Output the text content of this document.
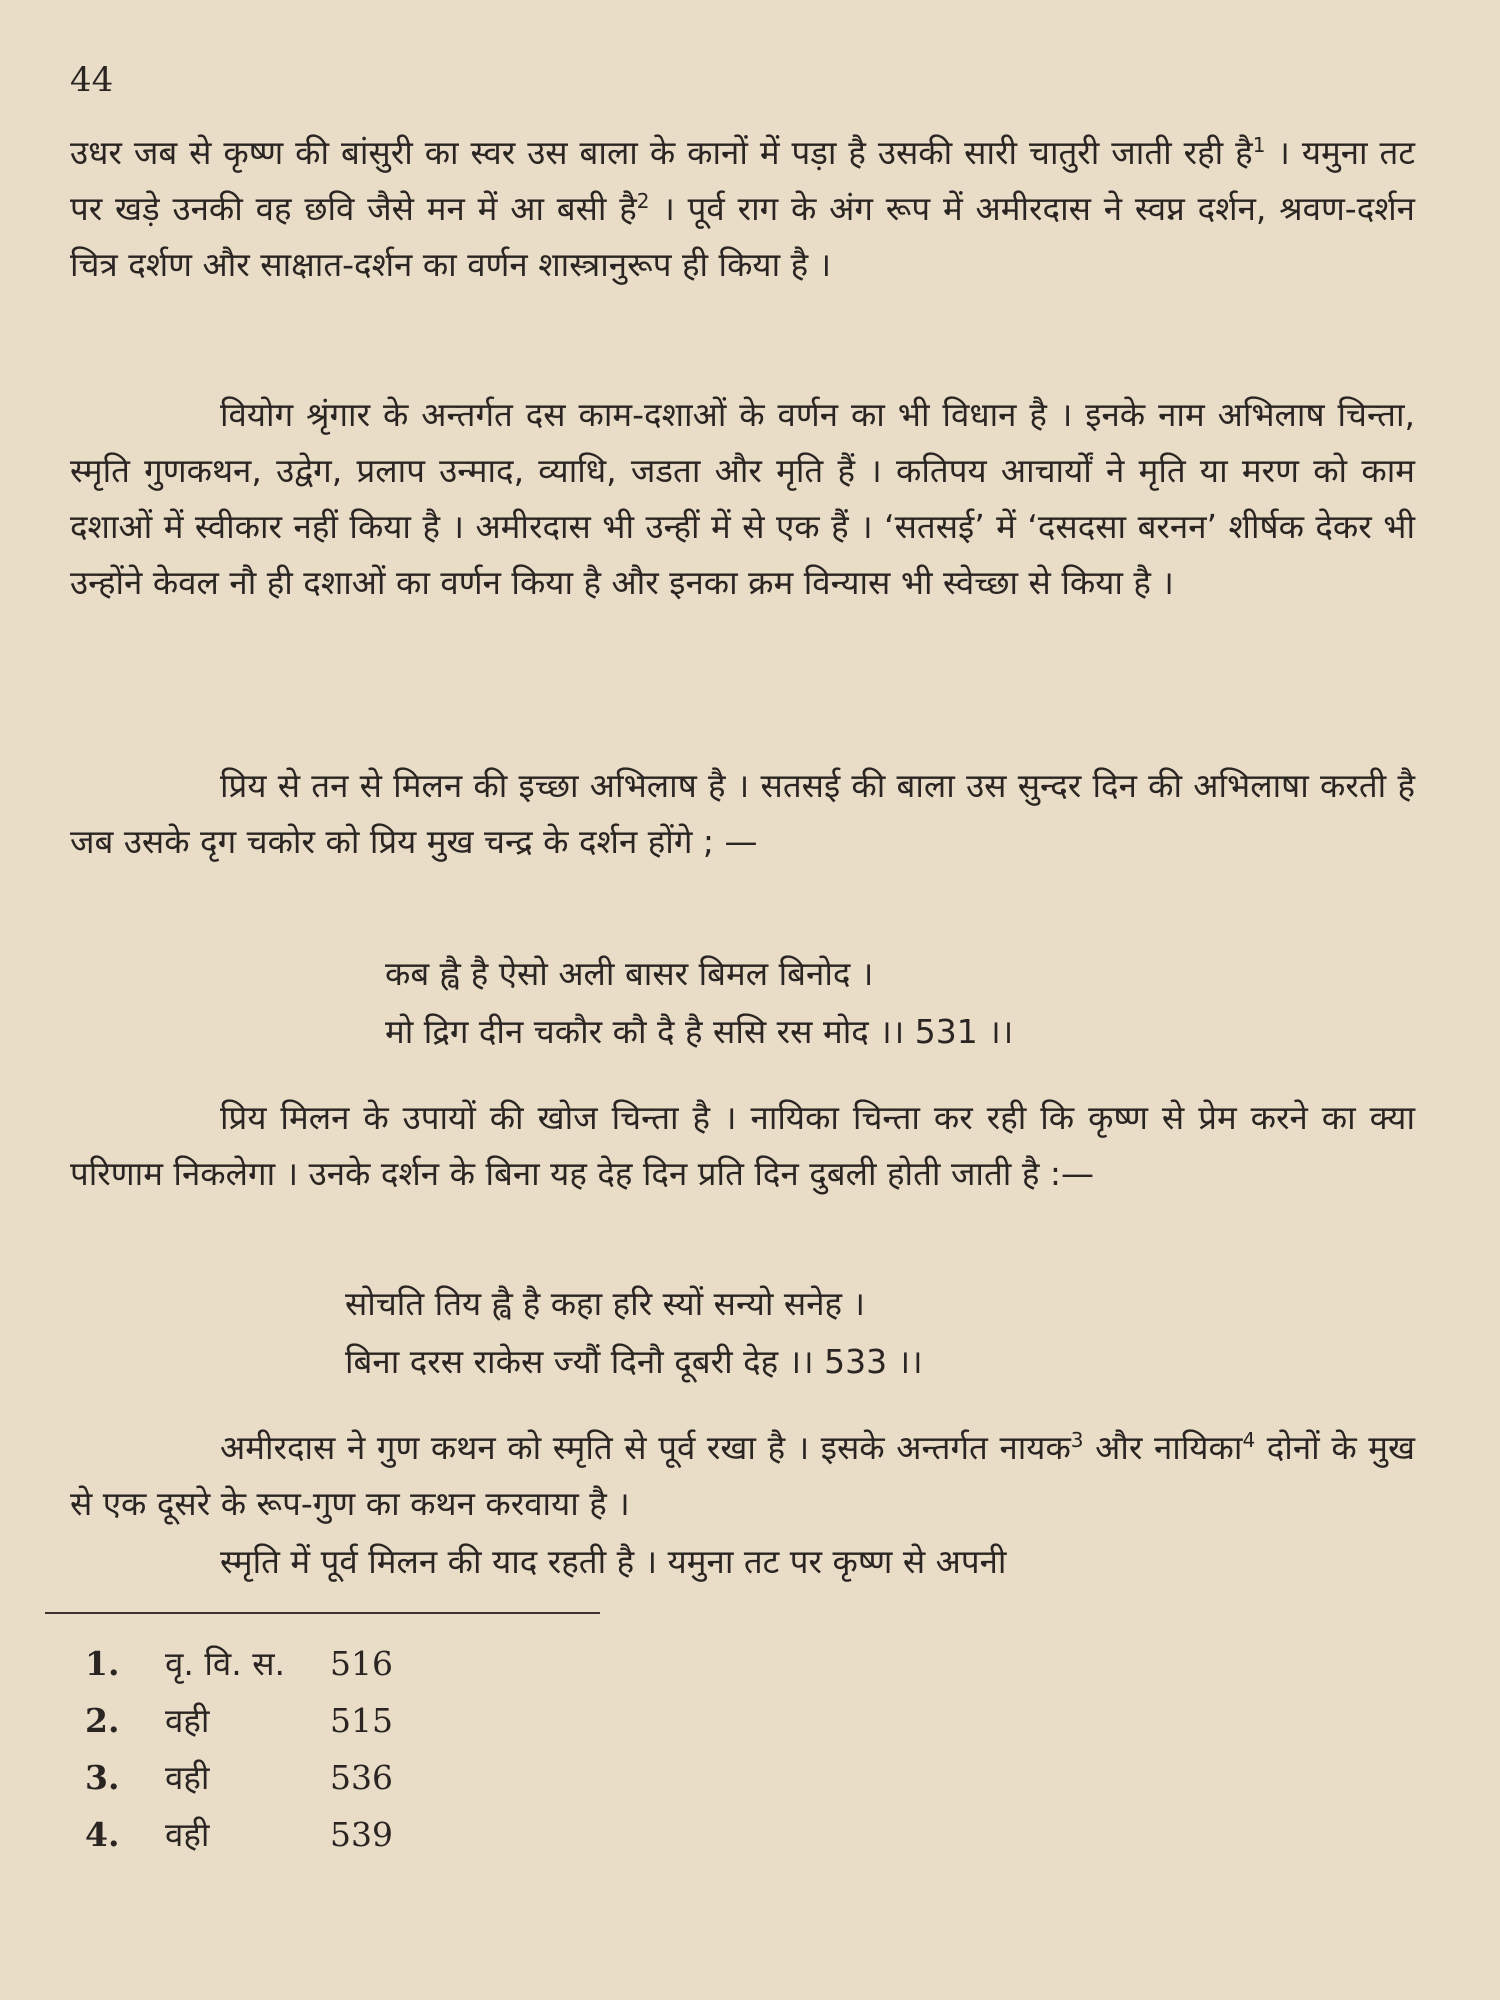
44

उधर जब से कृष्ण की बांसुरी का स्वर उस बाला के कानों में पड़ा है उसकी सारी चातुरी जाती रही है$^1$ । यमुना तट पर खड़े उनकी वह छवि जैसे मन में आ बसी है$^2$ । पूर्व राग के अंग रूप में अमीरदास ने स्वप्न दर्शन, श्रवण-दर्शन चित्र दर्शण और साक्षात-दर्शन का वर्णन शास्त्रानुरूप ही किया है ।

वियोग श्रृंगार के अन्तर्गत दस काम-दशाओं के वर्णन का भी विधान है । इनके नाम अभिलाष चिन्ता, स्मृति गुणकथन, उद्वेग, प्रलाप उन्माद, व्याधि, जडता और मृति हैं । कतिपय आचार्यों ने मृति या मरण को काम दशाओं में स्वीकार नहीं किया है । अमीरदास भी उन्हीं में से एक हैं । ‘सतसई’ में ‘दसदसा बरनन’ शीर्षक देकर भी उन्होंने केवल नौ ही दशाओं का वर्णन किया है और इनका क्रम विन्यास भी स्वेच्छा से किया है ।

प्रिय से तन से मिलन की इच्छा अभिलाष है । सतसई की बाला उस सुन्दर दिन की अभिलाषा करती है जब उसके दृग चकोर को प्रिय मुख चन्द्र के दर्शन होंगे ; —

कब ह्वै है ऐसो अली बासर बिमल बिनोद ।
मो द्रिग दीन चकौर कौ दै है ससि रस मोद ।। 531 ।।

प्रिय मिलन के उपायों की खोज चिन्ता है । नायिका चिन्ता कर रही कि कृष्ण से प्रेम करने का क्या परिणाम निकलेगा । उनके दर्शन के बिना यह देह दिन प्रति दिन दुबली होती जाती है :—

सोचति तिय ह्वै है कहा हरि स्यों सन्यो सनेह ।
बिना दरस राकेस ज्यौं दिनौ दूबरी देह ।। 533 ।।

अमीरदास ने गुण कथन को स्मृति से पूर्व रखा है । इसके अन्तर्गत नायक$^3$ और नायिका$^4$ दोनों के मुख से एक दूसरे के रूप-गुण का कथन करवाया है ।

स्मृति में पूर्व मिलन की याद रहती है । यमुना तट पर कृष्ण से अपनी

1. वृ. वि. स. 516
2. वही	515
3. वही	536
4. वही	539
